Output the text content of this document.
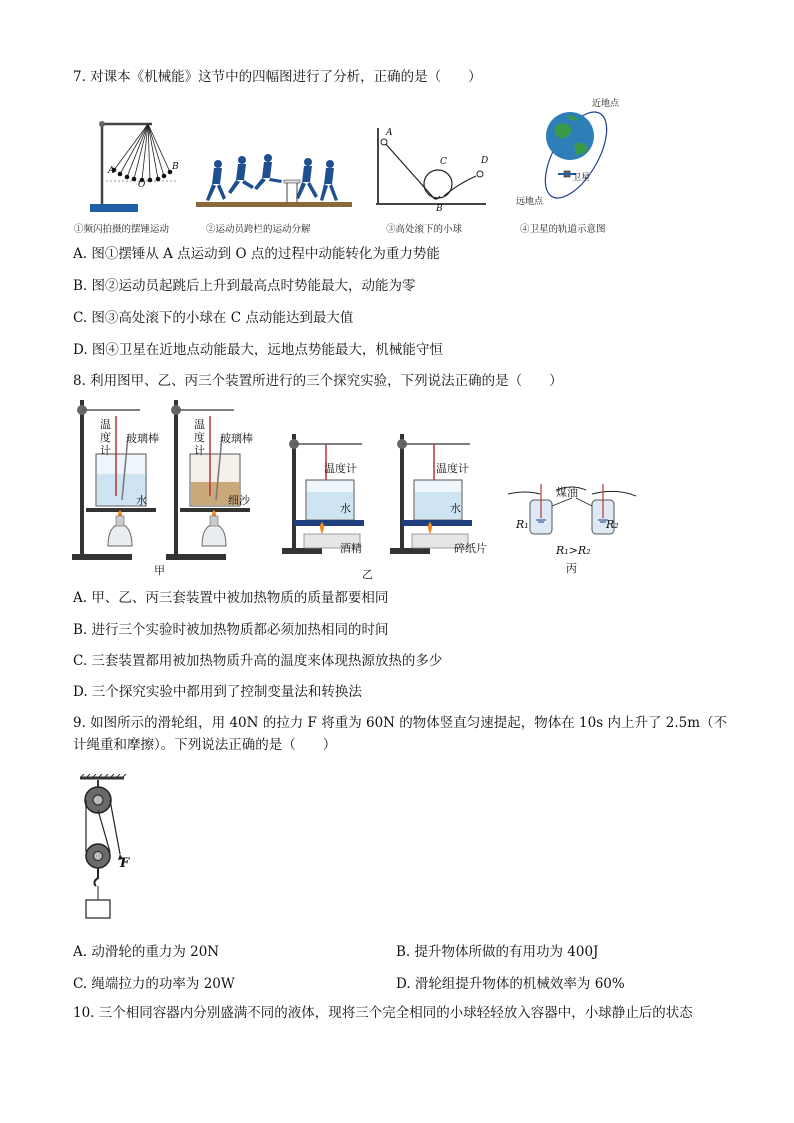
7. 对课本《机械能》这节中的四幅图进行了分析，正确的是（　　）
A	B
O
①频闪拍摄的摆锤运动	②运动员跨栏的运动分解
A
C	D
B
③高处滚下的小球
近地点
卫星
远地点
④卫星的轨道示意图
A. 图①摆锤从 A 点运动到 O 点的过程中动能转化为重力势能
B. 图②运动员起跳后上升到最高点时势能最大，动能为零
C. 图③高处滚下的小球在 C 点动能达到最大值
D. 图④卫星在近地点动能最大，远地点势能最大，机械能守恒
8. 利用图甲、乙、丙三个装置所进行的三个探究实验，下列说法正确的是（　　）
温
度
计
玻璃棒
水
温
度
计
玻璃棒
细沙
甲
温度计
水
酒精
温度计
水
碎纸片
乙
煤油
R₁	R₂
R₁>R₂
丙
A. 甲、乙、丙三套装置中被加热物质的质量都要相同
B. 进行三个实验时被加热物质都必须加热相同的时间
C. 三套装置都用被加热物质升高的温度来体现热源放热的多少
D. 三个探究实验中都用到了控制变量法和转换法
9. 如图所示的滑轮组，用 40N 的拉力 F 将重为 60N 的物体竖直匀速提起，物体在 10s 内上升了 2.5m（不计绳重和摩擦）。下列说法正确的是（　　）
F
A. 动滑轮的重力为 20N	B. 提升物体所做的有用功为 400J
C. 绳端拉力的功率为 20W	D. 滑轮组提升物体的机械效率为 60%
10. 三个相同容器内分别盛满不同的液体，现将三个完全相同的小球轻轻放入容器中，小球静止后的状态
